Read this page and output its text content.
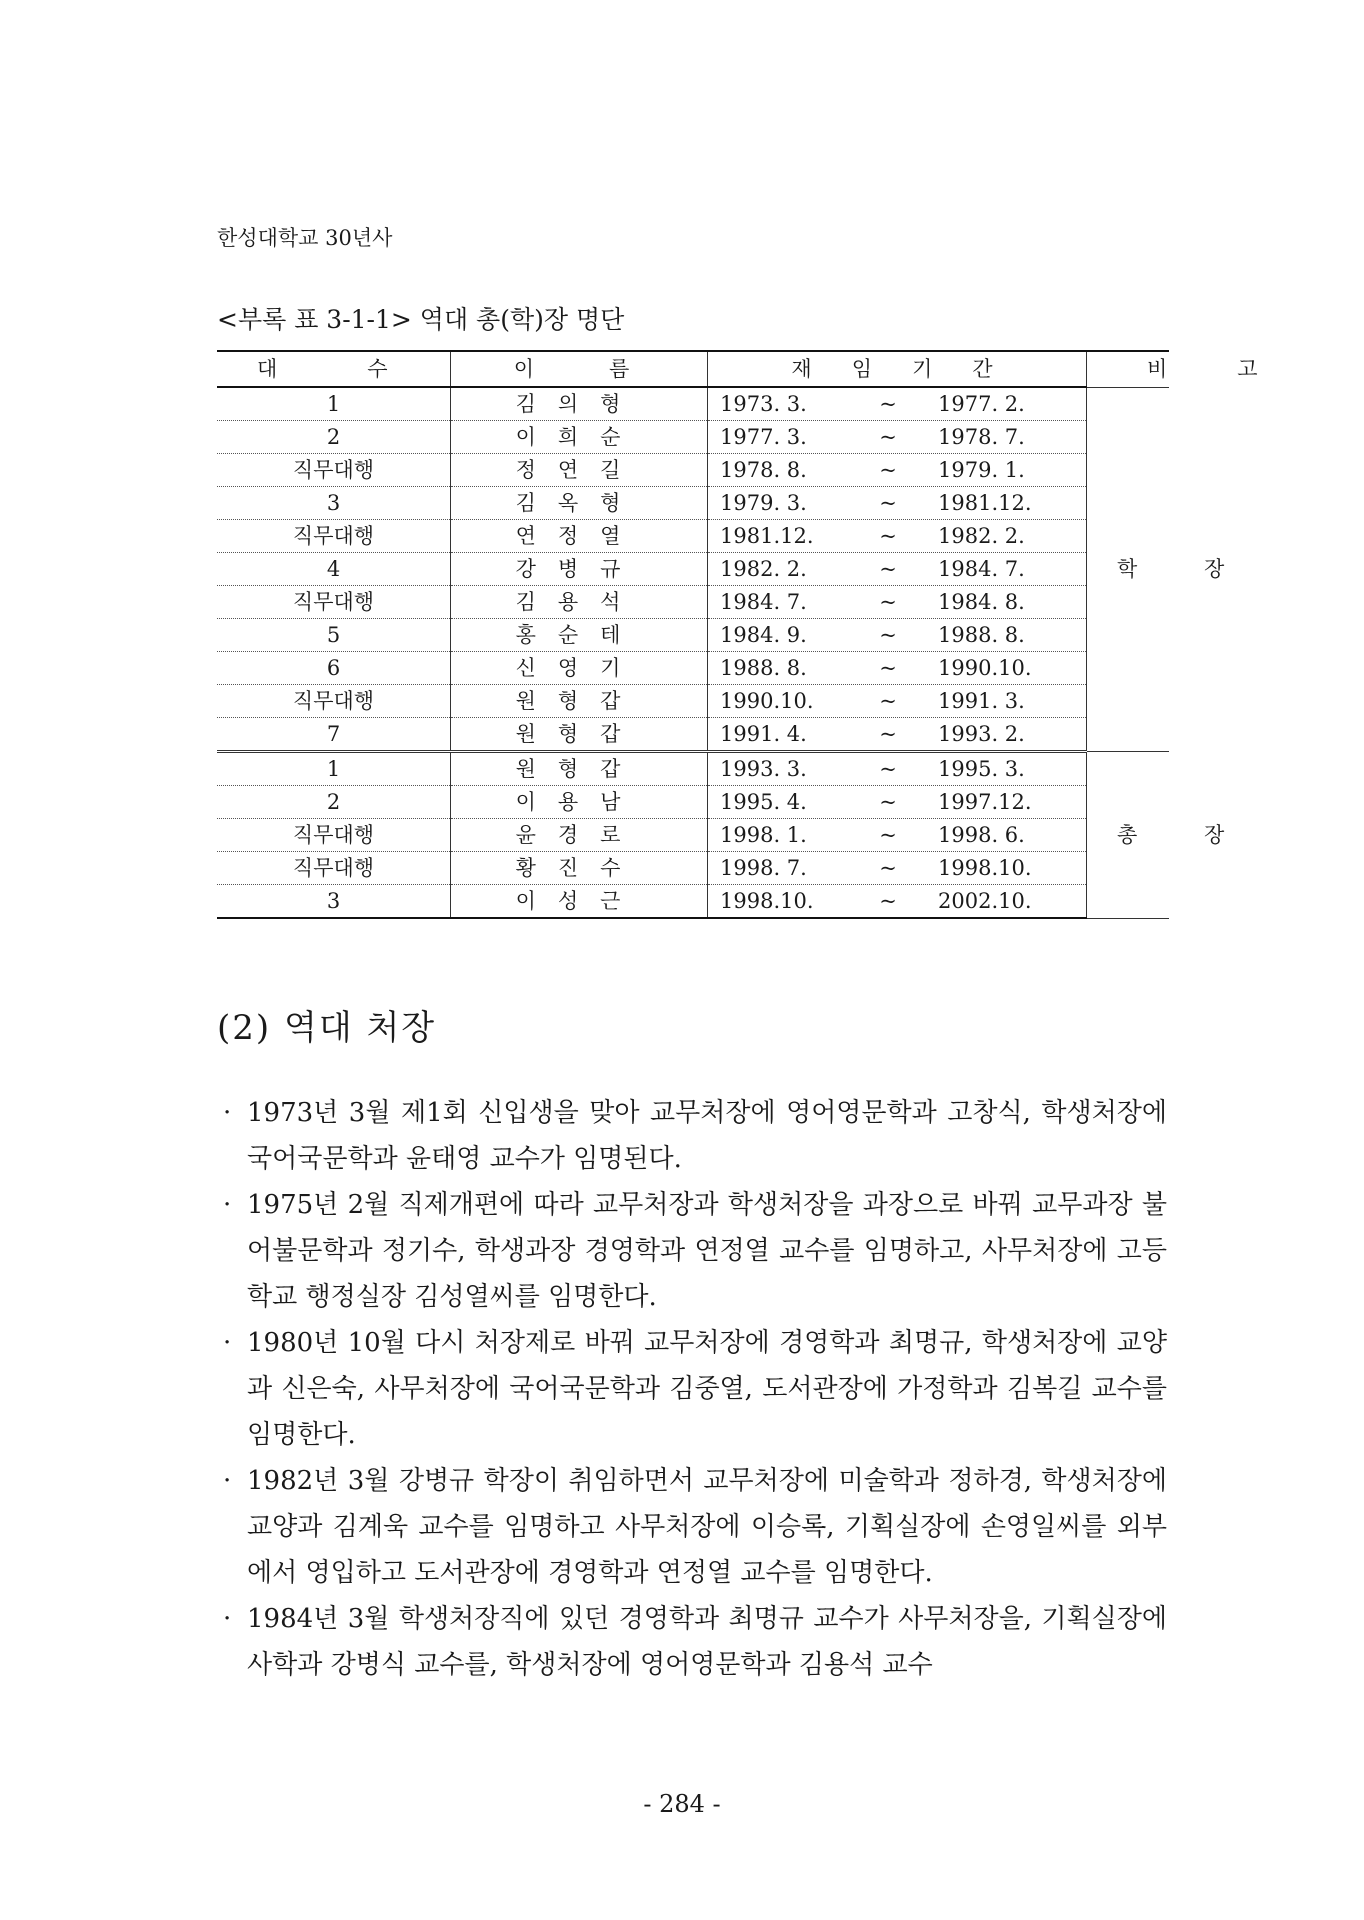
한성대학교 30년사
<부록 표 3-1-1> 역대 총(학)장 명단
대수	이름	재임기간	비고
1	김의형	1973. 3. ~ 1977. 2.	학 장
2	이희순	1977. 3. ~ 1978. 7.	

직무대행	정연길	1978. 8. ~ 1979. 1.	

3	김옥형	1979. 3. ~ 1981.12.	

직무대행	연정열	1981.12. ~ 1982. 2.	

4	강병규	1982. 2. ~ 1984. 7.	

직무대행	김용석	1984. 7. ~ 1984. 8.	

5	홍순테	1984. 9. ~ 1988. 8.	

6	신영기	1988. 8. ~ 1990.10.	

직무대행	원형갑	1990.10. ~ 1991. 3.	

7	원형갑	1991. 4. ~ 1993. 2.	

1	원형갑	1993. 3. ~ 1995. 3.	총 장
2	이용남	1995. 4. ~ 1997.12.	

직무대행	윤경로	1998. 1. ~ 1998. 6.	

직무대행	황진수	1998. 7. ~ 1998.10.	

3	이성근	1998.10. ~ 2002.10.	
(2) 역대 처장

· 1973년 3월 제1회 신입생을 맞아 교무처장에 영어영문학과 고창식, 학생처장에 국어국문학과 윤태영 교수가 임명된다.

· 1975년 2월 직제개편에 따라 교무처장과 학생처장을 과장으로 바꿔 교무과장 불어불문학과 정기수, 학생과장 경영학과 연정열 교수를 임명하고, 사무처장에 고등학교 행정실장 김성열씨를 임명한다.

· 1980년 10월 다시 처장제로 바꿔 교무처장에 경영학과 최명규, 학생처장에 교양과 신은숙, 사무처장에 국어국문학과 김중열, 도서관장에 가정학과 김복길 교수를 임명한다.

· 1982년 3월 강병규 학장이 취임하면서 교무처장에 미술학과 정하경, 학생처장에 교양과 김계욱 교수를 임명하고 사무처장에 이승록, 기획실장에 손영일씨를 외부에서 영입하고 도서관장에 경영학과 연정열 교수를 임명한다.

· 1984년 3월 학생처장직에 있던 경영학과 최명규 교수가 사무처장을, 기획실장에 사학과 강병식 교수를, 학생처장에 영어영문학과 김용석 교수

- 284 -
